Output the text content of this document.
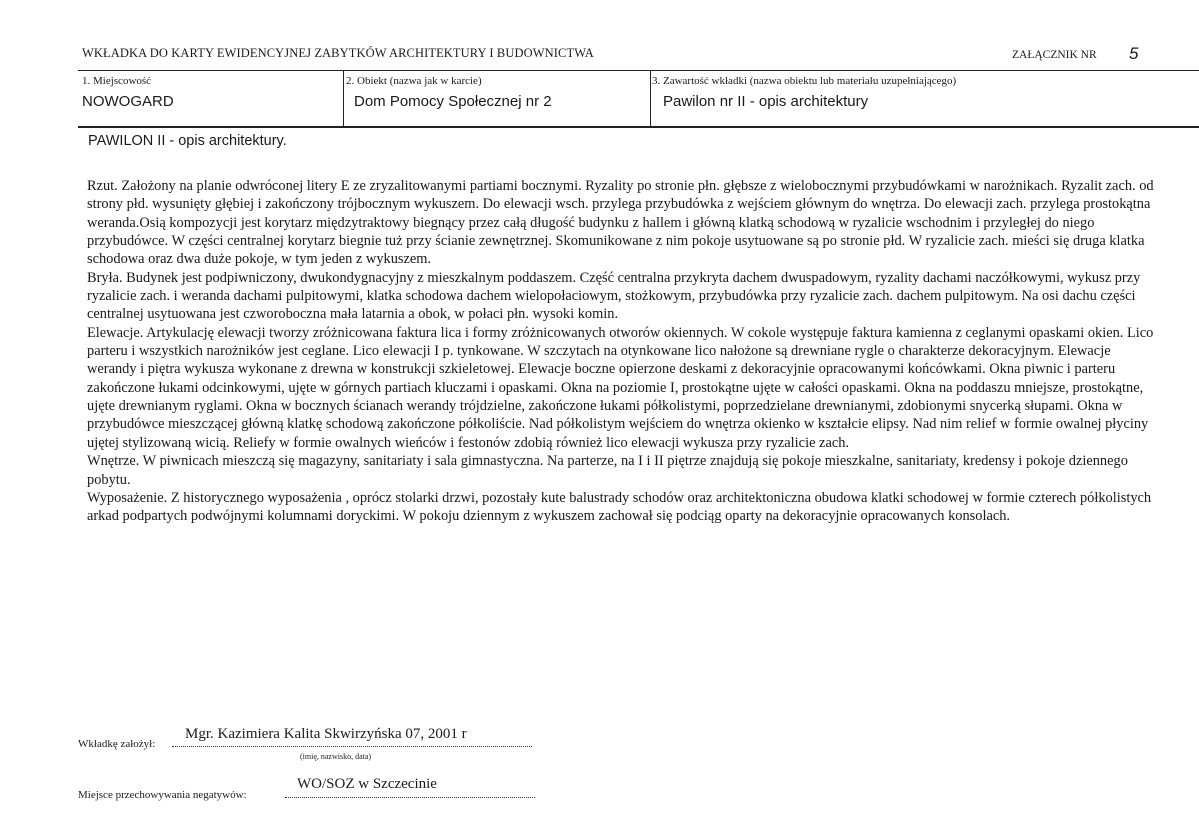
WKŁADKA DO KARTY EWIDENCYJNEJ ZABYTKÓW ARCHITEKTURY I BUDOWNICTWA	ZAŁĄCZNIK NR 5
1. Miejscowość
NOWOGARD
2. Obiekt (nazwa jak w karcie)
Dom Pomocy Społecznej nr 2
3. Zawartość wkładki (nazwa obiektu lub materiału uzupełniającego)
Pawilon nr II - opis architektury
PAWILON II - opis architektury.

Rzut. Założony na planie odwróconej litery E ze zryzalitowanymi partiami bocznymi. Ryzality po stronie płn. głębsze z wielobocznymi przybudówkami w narożnikach. Ryzalit zach. od strony płd. wysunięty głębiej i zakończony trójbocznym wykuszem. Do elewacji wsch. przylega przybudówka z wejściem głównym do wnętrza. Do elewacji zach. przylega prostokątna weranda.Osią kompozycji jest korytarz międzytraktowy biegnący przez całą długość budynku z hallem i główną klatką schodową w ryzalicie wschodnim i przyległej do niego przybudówce. W części centralnej korytarz biegnie tuż przy ścianie zewnętrznej. Skomunikowane z nim pokoje usytuowane są po stronie płd. W ryzalicie zach. mieści się druga klatka schodowa oraz dwa duże pokoje, w tym jeden z wykuszem.

Bryła. Budynek jest podpiwniczony, dwukondygnacyjny z mieszkalnym poddaszem. Część centralna przykryta dachem dwuspadowym, ryzality dachami naczółkowymi, wykusz przy ryzalicie zach. i weranda dachami pulpitowymi, klatka schodowa dachem wielopołaciowym, stożkowym, przybudówka przy ryzalicie zach. dachem pulpitowym. Na osi dachu części centralnej usytuowana jest czworoboczna mała latarnia a obok, w połaci płn. wysoki komin.

Elewacje. Artykulację elewacji tworzy zróżnicowana faktura lica i formy zróżnicowanych otworów okiennych. W cokole występuje faktura kamienna z ceglanymi opaskami okien. Lico parteru i wszystkich narożników jest ceglane. Lico elewacji I p. tynkowane. W szczytach na otynkowane lico nałożone są drewniane rygle o charakterze dekoracyjnym. Elewacje werandy i piętra wykusza wykonane z drewna w konstrukcji szkieletowej. Elewacje boczne opierzone deskami z dekoracyjnie opracowanymi końcówkami. Okna piwnic i parteru zakończone łukami odcinkowymi, ujęte w górnych partiach kluczami i opaskami. Okna na poziomie I, prostokątne ujęte w całości opaskami. Okna na poddaszu mniejsze, prostokątne, ujęte drewnianym ryglami. Okna w bocznych ścianach werandy trójdzielne, zakończone łukami półkolistymi, poprzedzielane drewnianymi, zdobionymi snycerką słupami. Okna w przybudówce mieszczącej główną klatkę schodową zakończone półkoliście. Nad półkolistym wejściem do wnętrza okienko w kształcie elipsy. Nad nim relief w formie owalnej płyciny ujętej stylizowaną wicią. Reliefy w formie owalnych wieńców i festonów zdobią również lico elewacji wykusza przy ryzalicie zach.

Wnętrze. W piwnicach mieszczą się magazyny, sanitariaty i sala gimnastyczna. Na parterze, na I i II piętrze znajdują się pokoje mieszkalne, sanitariaty, kredensy i pokoje dziennego pobytu.

Wyposażenie. Z historycznego wyposażenia , oprócz stolarki drzwi, pozostały kute balustrady schodów oraz architektoniczna obudowa klatki schodowej w formie czterech półkolistych arkad podpartych podwójnymi kolumnami doryckimi. W pokoju dziennym z wykuszem zachował się podciąg oparty na dekoracyjnie opracowanych konsolach.

Wkładkę założył:
Mgr. Kazimiera Kalita Skwirzyńska 07, 2001 r
(imię, nazwisko, data)
Miejsce przechowywania negatywów:
WO/SOZ w Szczecinie
